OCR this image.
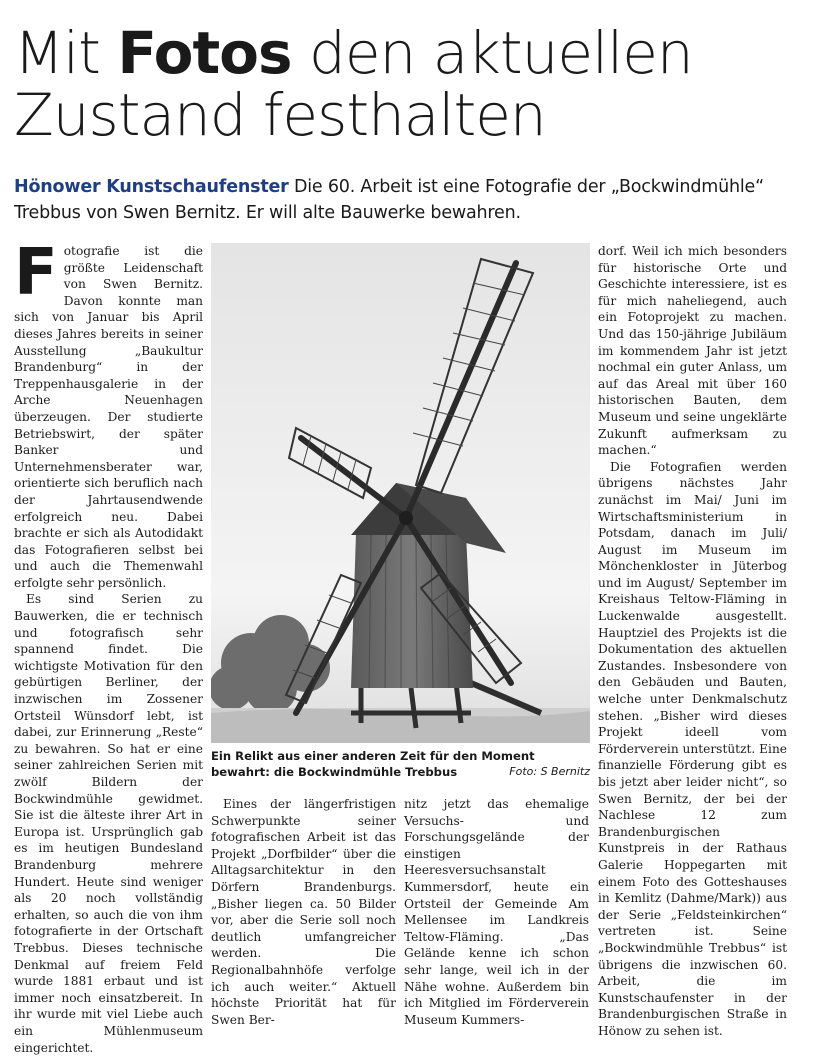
Mit Fotos den aktuellen Zustand festhalten
Hönower Kunstschaufenster Die 60. Arbeit ist eine Fotografie der „Bockwindmühle“ Trebbus von Swen Bernitz. Er will alte Bauwerke bewahren.

Fotografie ist die größte Leidenschaft von Swen Bernitz. Davon konnte man sich von Januar bis April dieses Jahres bereits in seiner Ausstellung „Baukultur Brandenburg“ in der Treppenhausgalerie in der Arche Neuenhagen überzeugen. Der studierte Betriebswirt, der später Banker und Unternehmensberater war, orientierte sich beruflich nach der Jahrtausendwende erfolgreich neu. Dabei brachte er sich als Autodidakt das Fotografieren selbst bei und auch die Themenwahl erfolgte sehr persönlich.

Es sind Serien zu Bauwerken, die er technisch und fotografisch sehr spannend findet. Die wichtigste Motivation für den gebürtigen Berliner, der inzwischen im Zossener Ortsteil Wünsdorf lebt, ist dabei, zur Erinnerung „Reste“ zu bewahren. So hat er eine seiner zahlreichen Serien mit zwölf Bildern der Bockwindmühle gewidmet. Sie ist die älteste ihrer Art in Europa ist. Ursprünglich gab es im heutigen Bundesland Brandenburg mehrere Hundert. Heute sind weniger als 20 noch vollständig erhalten, so auch die von ihm fotografierte in der Ortschaft Trebbus. Dieses technische Denkmal auf freiem Feld wurde 1881 erbaut und ist immer noch einsatzbereit. In ihr wurde mit viel Liebe auch ein Mühlenmuseum eingerichtet.

Ein Relikt aus einer anderen Zeit für den Moment bewahrt: die Bockwindmühle Trebbus	Foto: S Bernitz

Eines der längerfristigen Schwerpunkte seiner fotografischen Arbeit ist das Projekt „Dorfbilder“ über die Alltagsarchitektur in den Dörfern Brandenburgs. „Bisher liegen ca. 50 Bilder vor, aber die Serie soll noch deutlich umfangreicher werden. Die Regionalbahnhöfe verfolge ich auch weiter.“ Aktuell höchste Priorität hat für Swen Ber-

nitz jetzt das ehemalige Versuchs- und Forschungsgelände der einstigen Heeresversuchsanstalt Kummersdorf, heute ein Ortsteil der Gemeinde Am Mellensee im Landkreis Teltow-Fläming. „Das Gelände kenne ich schon sehr lange, weil ich in der Nähe wohne. Außerdem bin ich Mitglied im Förderverein Museum Kummers-

dorf. Weil ich mich besonders für historische Orte und Geschichte interessiere, ist es für mich naheliegend, auch ein Fotoprojekt zu machen. Und das 150-jährige Jubiläum im kommendem Jahr ist jetzt nochmal ein guter Anlass, um auf das Areal mit über 160 historischen Bauten, dem Museum und seine ungeklärte Zukunft aufmerksam zu machen.“

Die Fotografien werden übrigens nächstes Jahr zunächst im Mai/ Juni im Wirtschaftsministerium in Potsdam, danach im Juli/ August im Museum im Mönchenkloster in Jüterbog und im August/ September im Kreishaus Teltow-Fläming in Luckenwalde ausgestellt. Hauptziel des Projekts ist die Dokumentation des aktuellen Zustandes. Insbesondere von den Gebäuden und Bauten, welche unter Denkmalschutz stehen. „Bisher wird dieses Projekt ideell vom Förderverein unterstützt. Eine finanzielle Förderung gibt es bis jetzt aber leider nicht“, so Swen Bernitz, der bei der Nachlese 12 zum Brandenburgischen Kunstpreis in der Rathaus Galerie Hoppegarten mit einem Foto des Gotteshauses in Kemlitz (Dahme/Mark)) aus der Serie „Feldsteinkirchen“ vertreten ist. Seine „Bockwindmühle Trebbus“ ist übrigens die inzwischen 60. Arbeit, die im Kunstschaufenster in der Brandenburgischen Straße in Hönow zu sehen ist.
